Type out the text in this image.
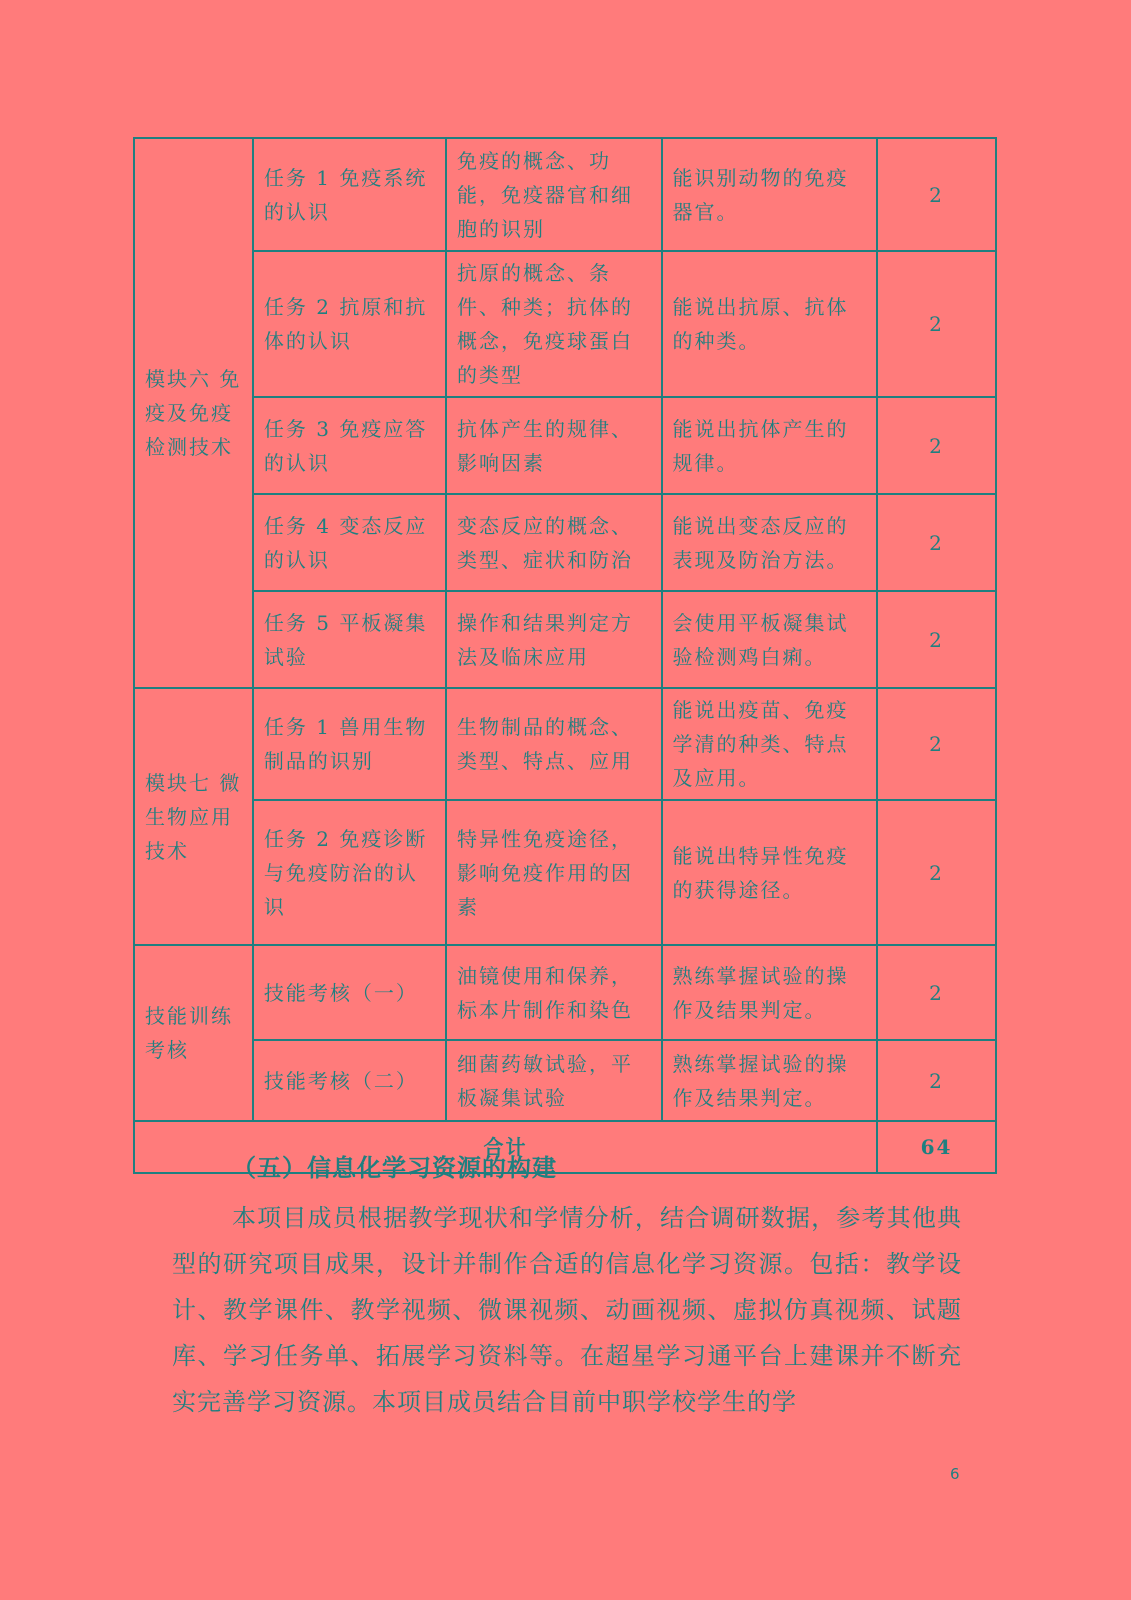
模块六 免疫及免疫检测技术	任务 1 免疫系统的认识	免疫的概念、功能，免疫器官和细胞的识别	能识别动物的免疫器官。	2
	任务 2 抗原和抗体的认识	抗原的概念、条件、种类；抗体的概念，免疫球蛋白的类型	能说出抗原、抗体的种类。	2
	任务 3 免疫应答的认识	抗体产生的规律、影响因素	能说出抗体产生的规律。	2
	任务 4 变态反应的认识	变态反应的概念、类型、症状和防治	能说出变态反应的表现及防治方法。	2
	任务 5 平板凝集试验	操作和结果判定方法及临床应用	会使用平板凝集试验检测鸡白痢。	2
模块七 微生物应用技术	任务 1 兽用生物制品的识别	生物制品的概念、类型、特点、应用	能说出疫苗、免疫学清的种类、特点及应用。	2
	任务 2 免疫诊断与免疫防治的认识	特异性免疫途径，影响免疫作用的因素	能说出特异性免疫的获得途径。	2
技能训练考核	技能考核（一）	油镜使用和保养，标本片制作和染色	熟练掌握试验的操作及结果判定。	2
	技能考核（二）	细菌药敏试验，平板凝集试验	熟练掌握试验的操作及结果判定。	2
合计				64
（五）信息化学习资源的构建
本项目成员根据教学现状和学情分析，结合调研数据，参考其他典型的研究项目成果，设计并制作合适的信息化学习资源。包括：教学设计、教学课件、教学视频、微课视频、动画视频、虚拟仿真视频、试题库、学习任务单、拓展学习资料等。在超星学习通平台上建课并不断充实完善学习资源。本项目成员结合目前中职学校学生的学
6
